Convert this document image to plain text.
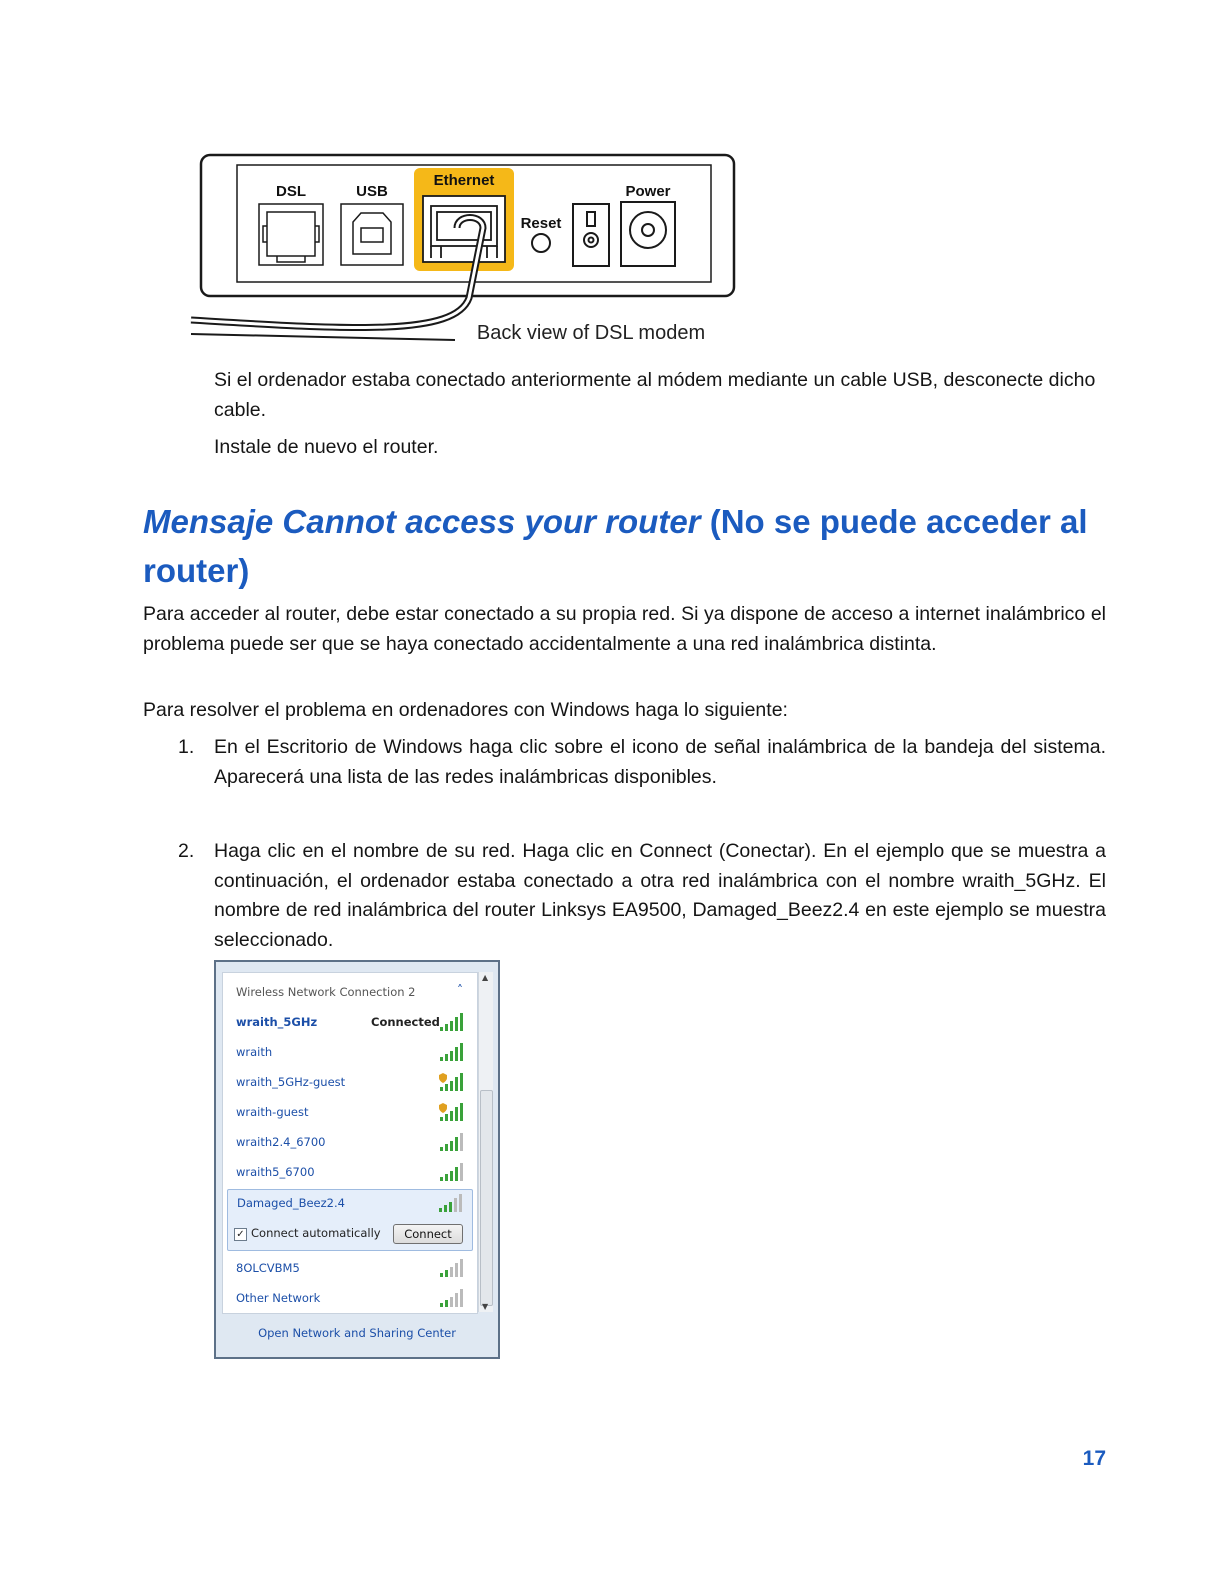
DSL	USB
Ethernet
Reset
Power
Back view of DSL modem

Si el ordenador estaba conectado anteriormente al módem mediante un cable USB, desconecte dicho cable.

Instale de nuevo el router.

Mensaje Cannot access your router (No se puede acceder al router)

Para acceder al router, debe estar conectado a su propia red. Si ya dispone de acceso a internet inalámbrico el problema puede ser que se haya conectado accidentalmente a una red inalámbrica distinta.

Para resolver el problema en ordenadores con Windows haga lo siguiente:

1. En el Escritorio de Windows haga clic sobre el icono de señal inalámbrica de la bandeja del sistema. Aparecerá una lista de las redes inalámbricas disponibles.

2. Haga clic en el nombre de su red. Haga clic en Connect (Conectar). En el ejemplo que se muestra a continuación, el ordenador estaba conectado a otra red inalámbrica con el nombre wraith_5GHz. El nombre de red inalámbrica del router Linksys EA9500, Damaged_Beez2.4 en este ejemplo se muestra seleccionado.

Wireless Network Connection 2	˄
wraith_5GHz	Connected
wraith
wraith_5GHz-guest
wraith-guest
wraith2.4_6700
wraith5_6700
Damaged_Beez2.4
✓ Connect automatically	Connect
8OLCVBM5
Other Network
▲
▼
Open Network and Sharing Center
17
